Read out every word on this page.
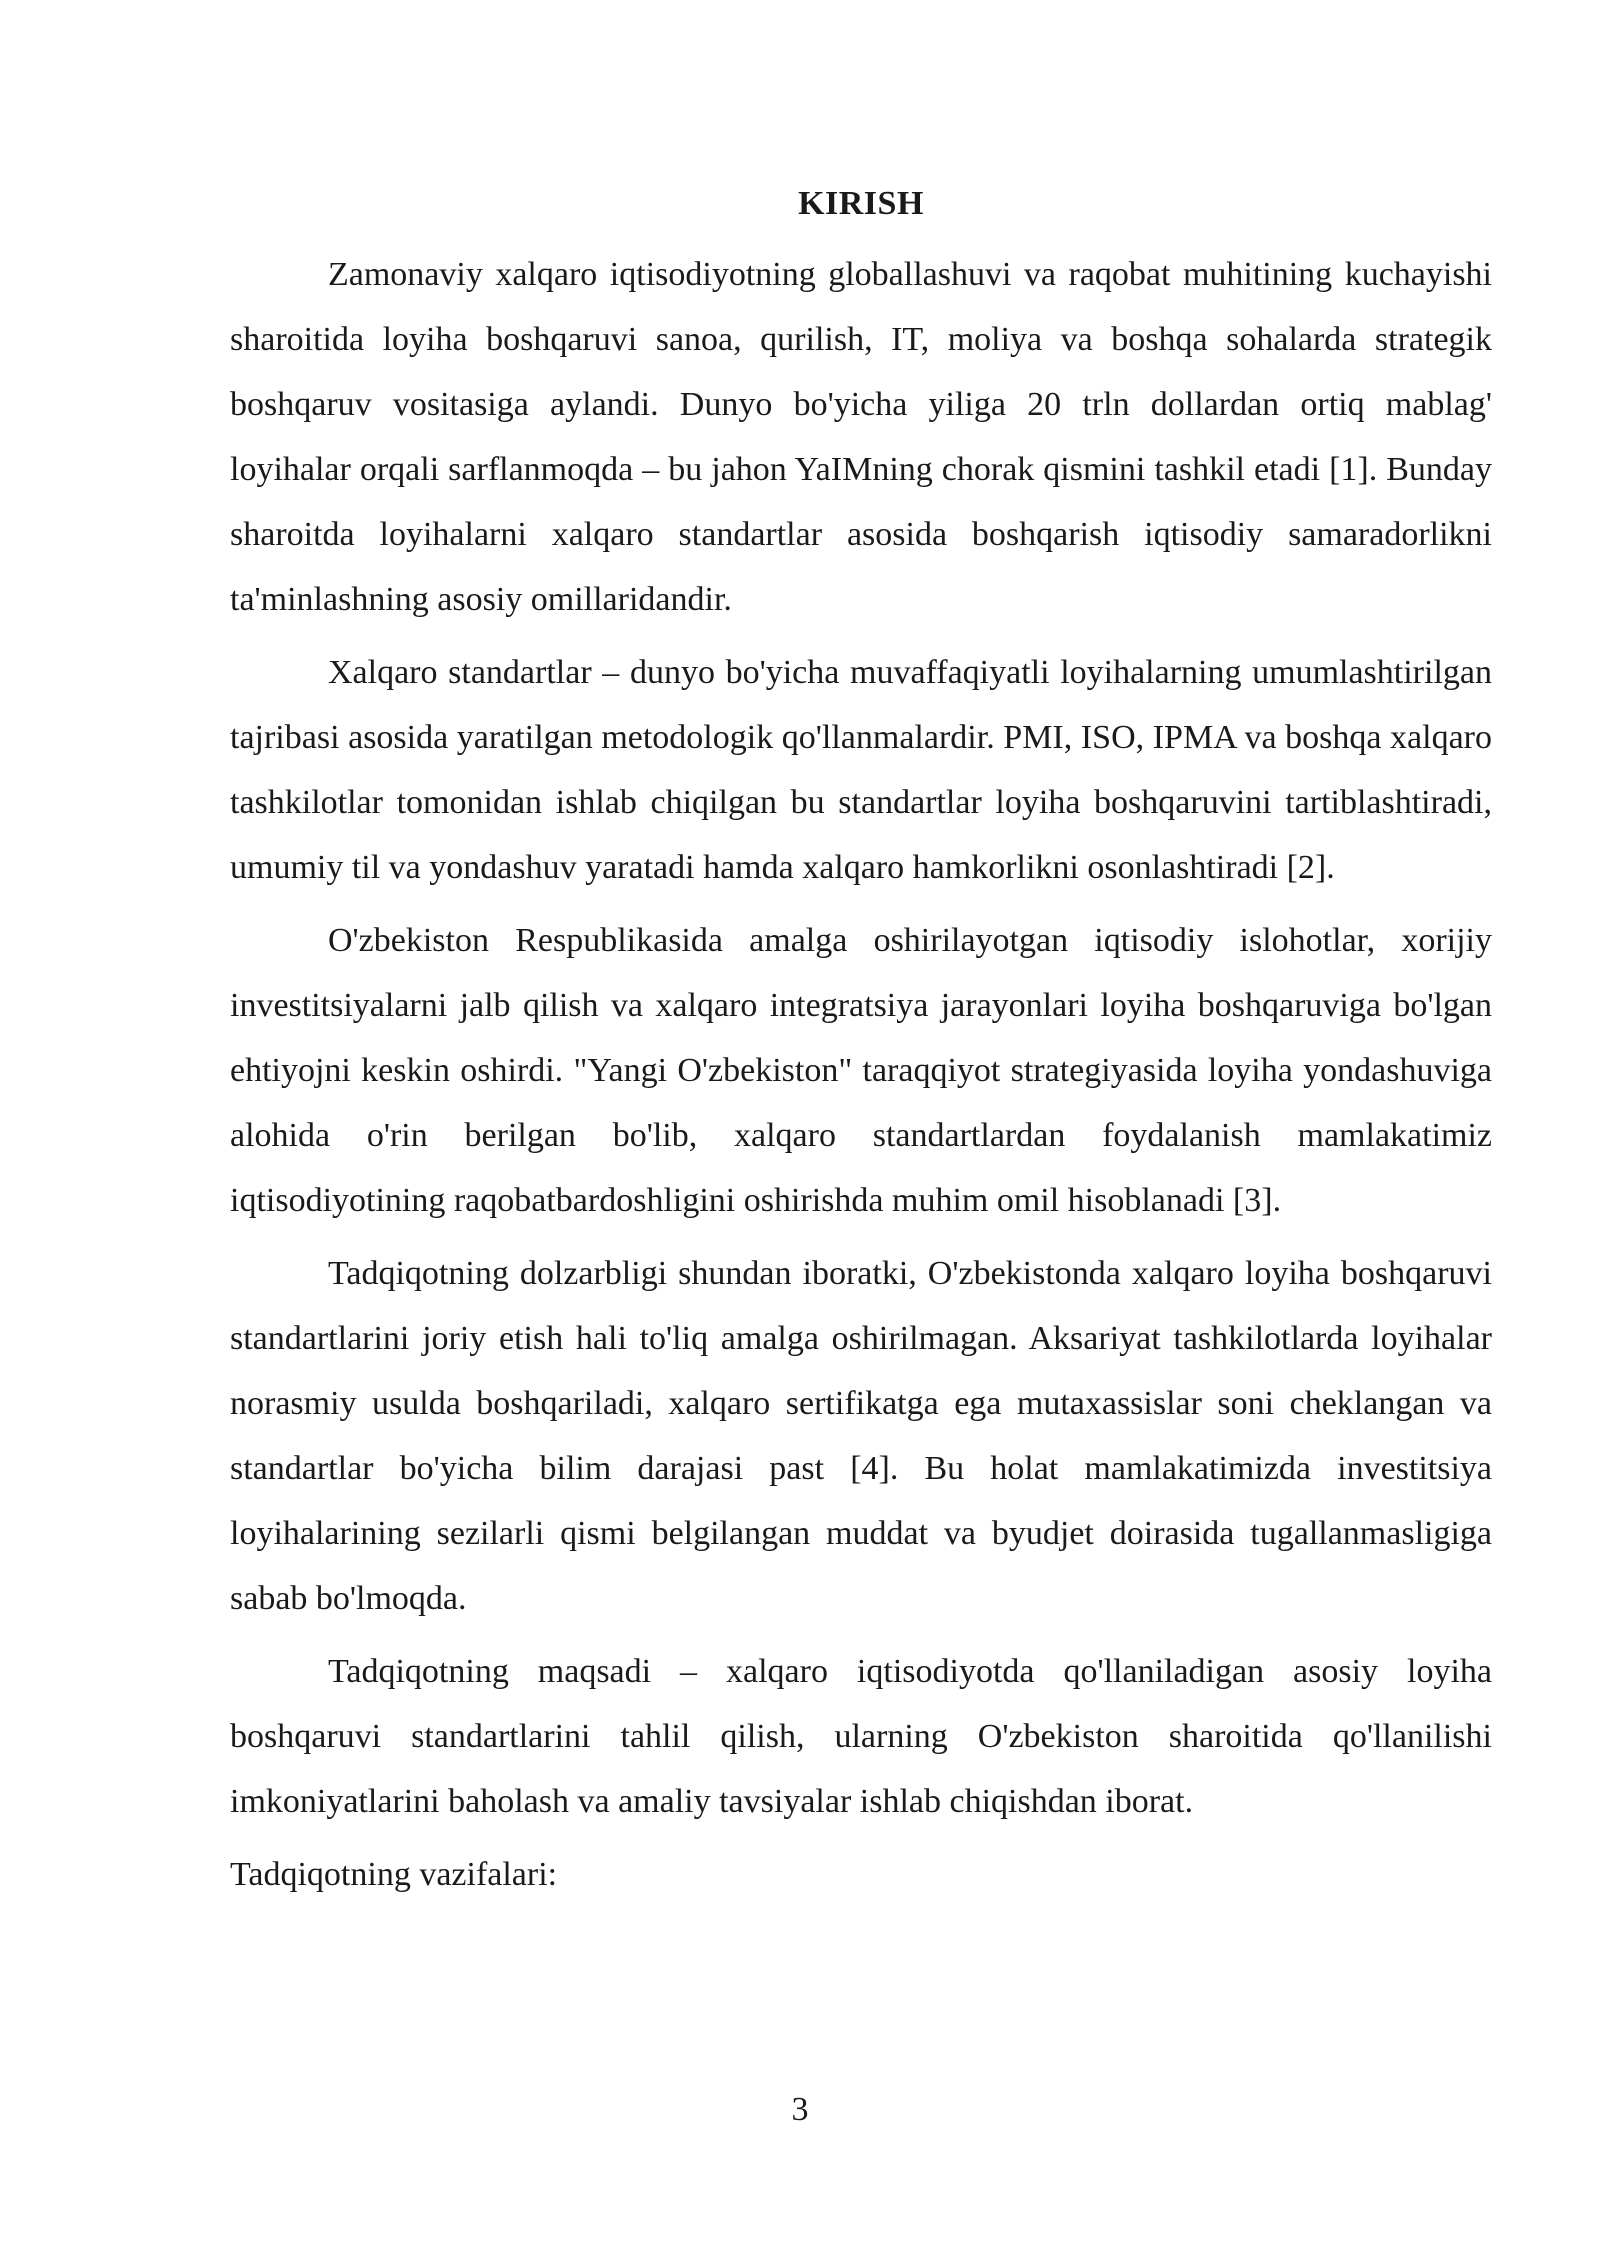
KIRISH

Zamonaviy xalqaro iqtisodiyotning globallashuvi va raqobat muhitining kuchayishi sharoitida loyiha boshqaruvi sanoa, qurilish, IT, moliya va boshqa sohalarda strategik boshqaruv vositasiga aylandi. Dunyo bo'yicha yiliga 20 trln dollardan ortiq mablag' loyihalar orqali sarflanmoqda – bu jahon YaIMning chorak qismini tashkil etadi [1]. Bunday sharoitda loyihalarni xalqaro standartlar asosida boshqarish iqtisodiy samaradorlikni ta'minlashning asosiy omillaridandir.

Xalqaro standartlar – dunyo bo'yicha muvaffaqiyatli loyihalarning umumlashtirilgan tajribasi asosida yaratilgan metodologik qo'llanmalardir. PMI, ISO, IPMA va boshqa xalqaro tashkilotlar tomonidan ishlab chiqilgan bu standartlar loyiha boshqaruvini tartiblashtiradi, umumiy til va yondashuv yaratadi hamda xalqaro hamkorlikni osonlashtiradi [2].

O'zbekiston Respublikasida amalga oshirilayotgan iqtisodiy islohotlar, xorijiy investitsiyalarni jalb qilish va xalqaro integratsiya jarayonlari loyiha boshqaruviga bo'lgan ehtiyojni keskin oshirdi. "Yangi O'zbekiston" taraqqiyot strategiyasida loyiha yondashuviga alohida o'rin berilgan bo'lib, xalqaro standartlardan foydalanish mamlakatimiz iqtisodiyotining raqobatbardoshligini oshirishda muhim omil hisoblanadi [3].

Tadqiqotning dolzarbligi shundan iboratki, O'zbekistonda xalqaro loyiha boshqaruvi standartlarini joriy etish hali to'liq amalga oshirilmagan. Aksariyat tashkilotlarda loyihalar norasmiy usulda boshqariladi, xalqaro sertifikatga ega mutaxassislar soni cheklangan va standartlar bo'yicha bilim darajasi past [4]. Bu holat mamlakatimizda investitsiya loyihalarining sezilarli qismi belgilangan muddat va byudjet doirasida tugallanmasligiga sabab bo'lmoqda.

Tadqiqotning maqsadi – xalqaro iqtisodiyotda qo'llaniladigan asosiy loyiha boshqaruvi standartlarini tahlil qilish, ularning O'zbekiston sharoitida qo'llanilishi imkoniyatlarini baholash va amaliy tavsiyalar ishlab chiqishdan iborat.

Tadqiqotning vazifalari:

3
